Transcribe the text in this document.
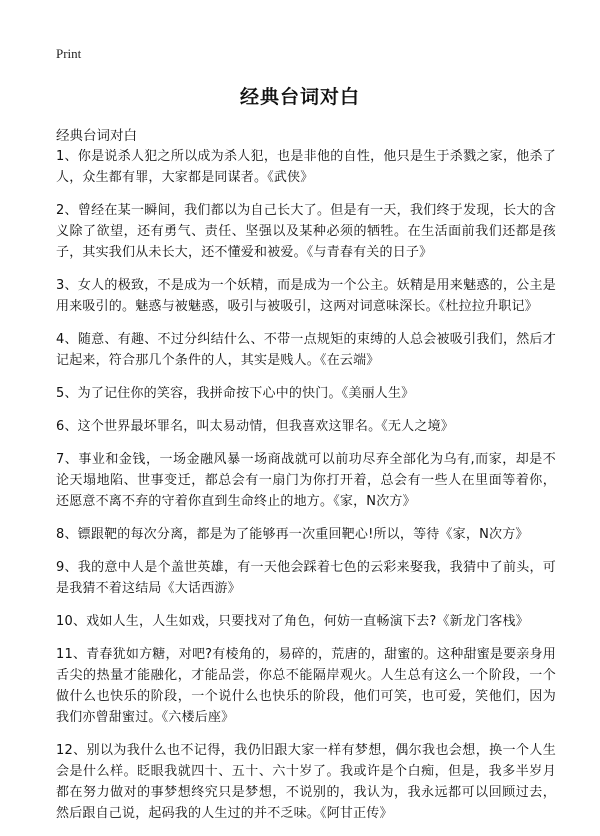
Print
经典台词对白
经典台词对白

1、你是说杀人犯之所以成为杀人犯，也是非他的自性，他只是生于杀戮之家，他杀了人，众生都有罪，大家都是同谋者。《武侠》

2、曾经在某一瞬间，我们都以为自己长大了。但是有一天，我们终于发现，长大的含义除了欲望，还有勇气、责任、坚强以及某种必须的牺牲。在生活面前我们还都是孩子，其实我们从未长大，还不懂爱和被爱。《与青春有关的日子》

3、女人的极致，不是成为一个妖精，而是成为一个公主。妖精是用来魅惑的，公主是用来吸引的。魅惑与被魅惑，吸引与被吸引，这两对词意味深长。《杜拉拉升职记》

4、随意、有趣、不过分纠结什么、不带一点规矩的束缚的人总会被吸引我们，然后才记起来，符合那几个条件的人，其实是贱人。《在云端》

5、为了记住你的笑容，我拼命按下心中的快门。《美丽人生》

6、这个世界最坏罪名，叫太易动情，但我喜欢这罪名。《无人之境》

7、事业和金钱，一场金融风暴一场商战就可以前功尽弃全部化为乌有,而家，却是不论天塌地陷、世事变迁，都总会有一扇门为你打开着，总会有一些人在里面等着你，还愿意不离不弃的守着你直到生命终止的地方。《家，N次方》

8、镖跟靶的每次分离，都是为了能够再一次重回靶心!所以，等待《家，N次方》

9、我的意中人是个盖世英雄，有一天他会踩着七色的云彩来娶我，我猜中了前头，可是我猜不着这结局《大话西游》

10、戏如人生，人生如戏，只要找对了角色，何妨一直畅演下去?《新龙门客栈》

11、青春犹如方糖，对吧?有棱角的，易碎的，荒唐的，甜蜜的。这种甜蜜是要亲身用舌尖的热量才能融化，才能品尝，你总不能隔岸观火。人生总有这么一个阶段，一个做什么也快乐的阶段，一个说什么也快乐的阶段，他们可笑，也可爱，笑他们，因为我们亦曾甜蜜过。《六楼后座》

12、别以为我什么也不记得，我仍旧跟大家一样有梦想，偶尔我也会想，换一个人生会是什么样。眨眼我就四十、五十、六十岁了。我或许是个白痴，但是，我多半岁月都在努力做对的事梦想终究只是梦想，不说别的，我认为，我永远都可以回顾过去，然后跟自己说，起码我的人生过的并不乏味。《阿甘正传》
